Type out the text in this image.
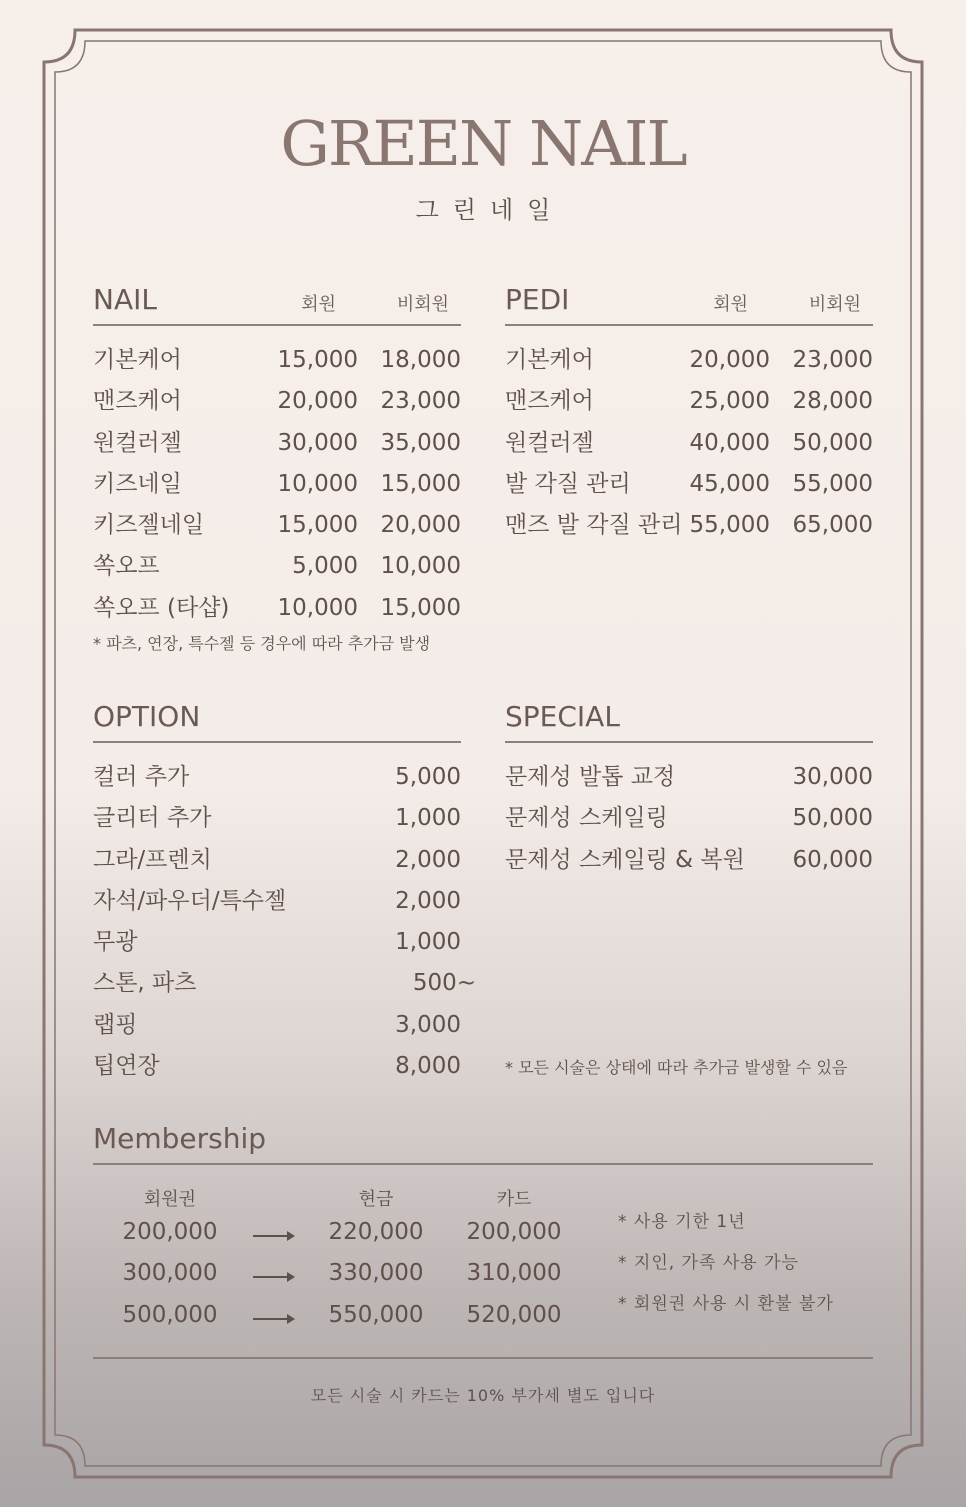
GREEN NAIL
그린네일
NAIL	회원	비회원
기본케어	15,000 18,000
맨즈케어	20,000 23,000
원컬러젤	30,000 35,000
키즈네일	10,000 15,000
키즈젤네일	15,000 20,000
쏙오프	5,000 10,000
쏙오프 (타샵) 10,000 15,000
* 파츠, 연장, 특수젤 등 경우에 따라 추가금 발생
PEDI	회원	비회원
기본케어	20,000 23,000
맨즈케어	25,000 28,000
원컬러젤	40,000 50,000
발 각질 관리	45,000 55,000
맨즈 발 각질 관리 55,000 65,000
OPTION
컬러 추가	5,000
글리터 추가	1,000
그라/프렌치	2,000
자석/파우더/특수젤	2,000
무광	1,000
스톤, 파츠	500~
랩핑	3,000
팁연장	8,000
SPECIAL
문제성 발톱 교정	30,000
문제성 스케일링	50,000
문제성 스케일링 & 복원 60,000
* 모든 시술은 상태에 따라 추가금 발생할 수 있음
Membership
회원권	현금	카드
200,000	220,000	200,000
300,000	330,000	310,000
500,000	550,000	520,000
* 사용 기한 1년
* 지인, 가족 사용 가능
* 회원권 사용 시 환불 불가
모든 시술 시 카드는 10% 부가세 별도 입니다
